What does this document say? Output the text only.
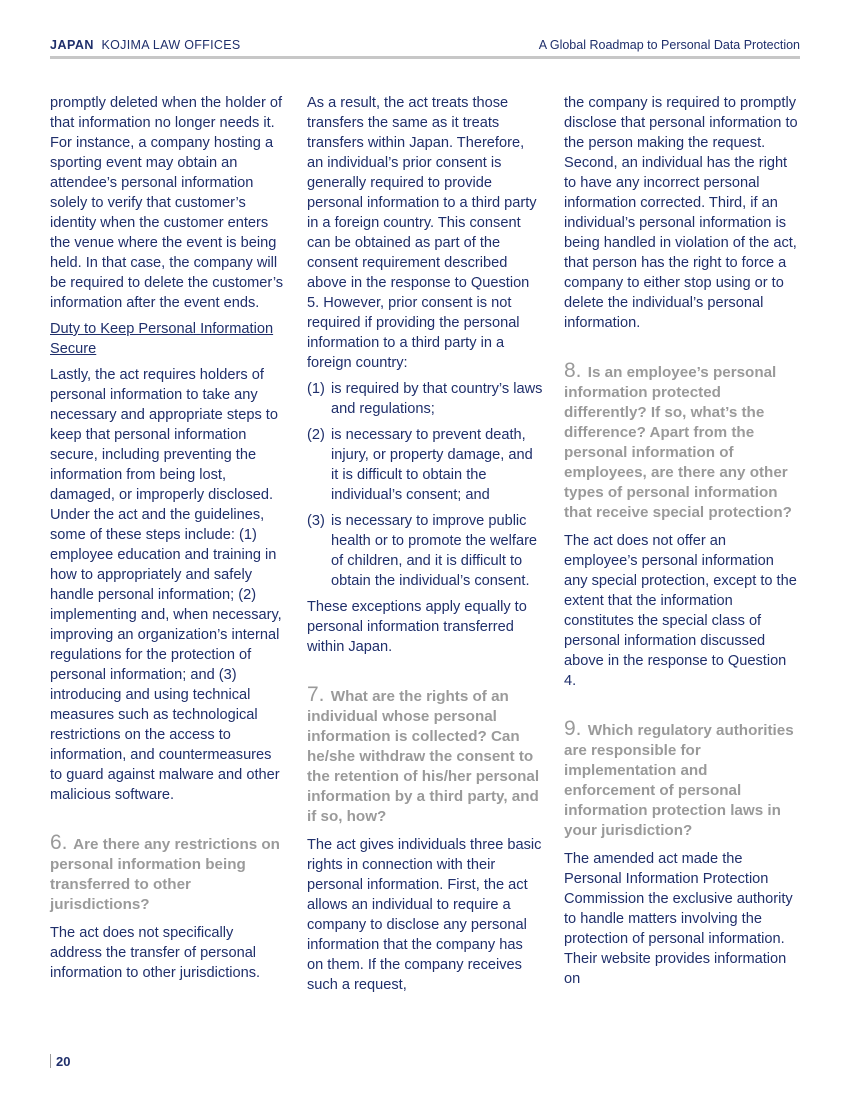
JAPAN KOJIMA LAW OFFICES	A Global Roadmap to Personal Data Protection

promptly deleted when the holder of that information no longer needs it. For instance, a company hosting a sporting event may obtain an attendee’s personal information solely to verify that customer’s identity when the customer enters the venue where the event is being held. In that case, the company will be required to delete the customer’s information after the event ends.

Duty to Keep Personal Information Secure

Lastly, the act requires holders of personal information to take any necessary and appropriate steps to keep that personal information secure, including preventing the information from being lost, damaged, or improperly disclosed. Under the act and the guidelines, some of these steps include: (1) employee education and training in how to appropriately and safely handle personal information; (2) implementing and, when necessary, improving an organization’s internal regulations for the protection of personal information; and (3) introducing and using technical measures such as technological restrictions on the access to information, and countermeasures to guard against malware and other malicious software.

6. Are there any restrictions on personal information being transferred to other jurisdictions?

The act does not specifically address the transfer of personal information to other jurisdictions.

As a result, the act treats those transfers the same as it treats transfers within Japan. Therefore, an individual’s prior consent is generally required to provide personal information to a third party in a foreign country. This consent can be obtained as part of the consent requirement described above in the response to Question 5. However, prior consent is not required if providing the personal information to a third party in a foreign country:

(1) is required by that country’s laws and regulations;
(2) is necessary to prevent death, injury, or property damage, and it is difficult to obtain the individual’s consent; and
(3) is necessary to improve public health or to promote the welfare of children, and it is difficult to obtain the individual’s consent.

These exceptions apply equally to personal information transferred within Japan.

7. What are the rights of an individual whose personal information is collected? Can he/she withdraw the consent to the retention of his/her personal information by a third party, and if so, how?

The act gives individuals three basic rights in connection with their personal information. First, the act allows an individual to require a company to disclose any personal information that the company has on them. If the company receives such a request,

the company is required to promptly disclose that personal information to the person making the request. Second, an individual has the right to have any incorrect personal information corrected. Third, if an individual’s personal information is being handled in violation of the act, that person has the right to force a company to either stop using or to delete the individual’s personal information.

8. Is an employee’s personal information protected differently? If so, what’s the difference? Apart from the personal information of employees, are there any other types of personal information that receive special protection?

The act does not offer an employee’s personal information any special protection, except to the extent that the information constitutes the special class of personal information discussed above in the response to Question 4.

9. Which regulatory authorities are responsible for implementation and enforcement of personal information protection laws in your jurisdiction?

The amended act made the Personal Information Protection Commission the exclusive authority to handle matters involving the protection of personal information. Their website provides information on

20
